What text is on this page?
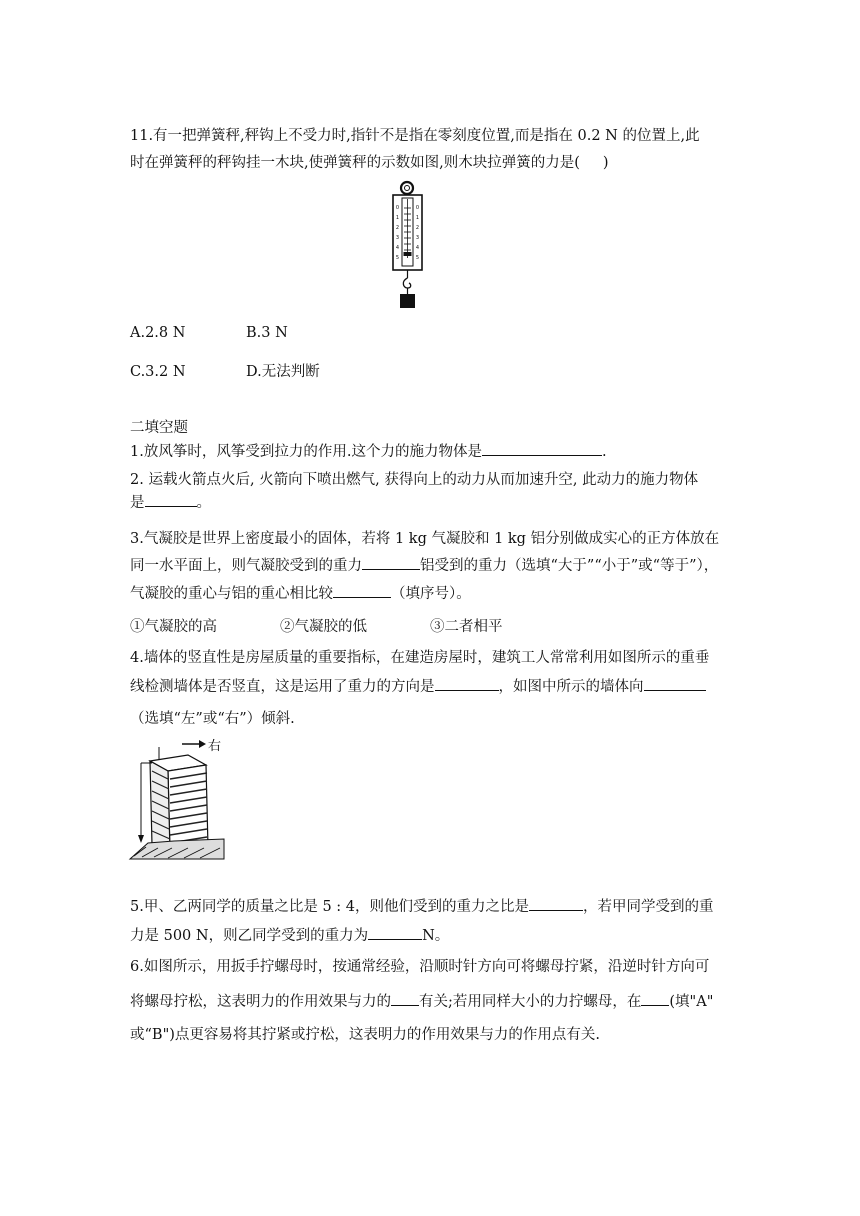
11.有一把弹簧秤,秤钩上不受力时,指针不是指在零刻度位置,而是指在 0.2 N 的位置上,此
时在弹簧秤的秤钩挂一木块,使弹簧秤的示数如图,则木块拉弹簧的力是(     )
0
1
2
3
4
5
0
1
2
3
4
5
A.2.8 N	B.3 N
C.3.2 N	D.无法判断
二填空题
1.放风筝时，风筝受到拉力的作用.这个力的施力物体是	.
2. 运载火箭点火后, 火箭向下喷出燃气, 获得向上的动力从而加速升空, 此动力的施力物体
是	。
3.气凝胶是世界上密度最小的固体，若将 1 kg 气凝胶和 1 kg 铝分别做成实心的正方体放在
同一水平面上，则气凝胶受到的重力	铝受到的重力（选填“大于”“小于”或“等于”），
气凝胶的重心与铝的重心相比较	（填序号）。
①气凝胶的高	②气凝胶的低	③二者相平
4.墙体的竖直性是房屋质量的重要指标，在建造房屋时，建筑工人常常利用如图所示的重垂
线检测墙体是否竖直，这是运用了重力的方向是	，如图中所示的墙体向
（选填“左”或“右”）倾斜.
右
5.甲、乙两同学的质量之比是 5 : 4，则他们受到的重力之比是	，若甲同学受到的重
力是 500 N，则乙同学受到的重力为	N。
6.如图所示，用扳手拧螺母时，按通常经验，沿顺时针方向可将螺母拧紧，沿逆时针方向可
将螺母拧松，这表明力的作用效果与力的 有关;若用同样大小的力拧螺母，在 (填"A"
或“B")点更容易将其拧紧或拧松，这表明力的作用效果与力的作用点有关.
